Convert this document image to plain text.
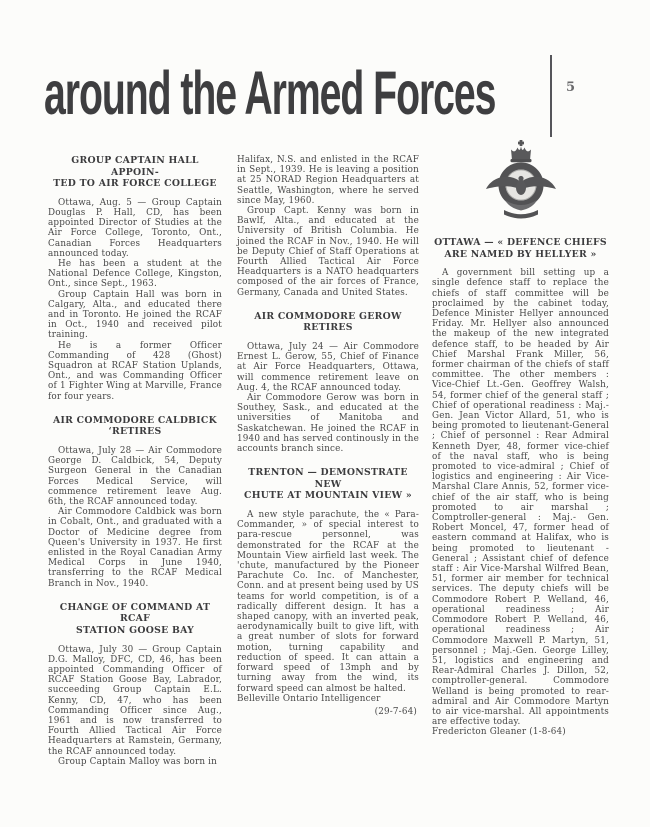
around the Armed Forces	5
GROUP CAPTAIN HALL APPOIN-
TED TO AIR FORCE COLLEGE

Ottawa, Aug. 5 — Group Captain Douglas P. Hall, CD, has been appointed Director of Studies at the Air Force College, Toronto, Ont., Canadian Forces Headquarters announced today.

He has been a student at the National Defence College, Kingston, Ont., since Sept., 1963.

Group Captain Hall was born in Calgary, Alta., and educated there and in Toronto. He joined the RCAF in Oct., 1940 and received pilot training.

He is a former Officer Commanding of 428 (Ghost) Squadron at RCAF Station Uplands, Ont., and was Commanding Officer of 1 Fighter Wing at Marville, France for four years.

AIR COMMODORE CALDBICK
‘RETIRES

Ottawa, July 28 — Air Commodore George D. Caldbick, 54, Deputy Surgeon General in the Canadian Forces Medical Service, will commence retirement leave Aug. 6th, the RCAF announced today.

Air Commodore Caldbick was born in Cobalt, Ont., and graduated with a Doctor of Medicine degree from Queen's University in 1937. He first enlisted in the Royal Canadian Army Medical Corps in June 1940, transferring to the RCAF Medical Branch in Nov., 1940.

CHANGE OF COMMAND AT RCAF
STATION GOOSE BAY

Ottawa, July 30 — Group Captain D.G. Malloy, DFC, CD, 46, has been appointed Commanding Officer of RCAF Station Goose Bay, Labrador, succeeding Group Captain E.L. Kenny, CD, 47, who has been Commanding Officer since Aug., 1961 and is now transferred to Fourth Allied Tactical Air Force Headquarters at Ramstein, Germany, the RCAF announced today.

Group Captain Malloy was born in

Halifax, N.S. and enlisted in the RCAF in Sept., 1939. He is leaving a position at 25 NORAD Region Headquarters at Seattle, Washington, where he served since May, 1960.

Group Capt. Kenny was born in Bawlf, Alta., and educated at the University of British Columbia. He joined the RCAF in Nov., 1940. He will be Deputy Chief of Staff Operations at Fourth Allied Tactical Air Force Headquarters is a NATO headquarters composed of the air forces of France, Germany, Canada and United States.

AIR COMMODORE GEROW
RETIRES

Ottawa, July 24 — Air Commodore Ernest L. Gerow, 55, Chief of Finance at Air Force Headquarters, Ottawa, will commence retirement leave on Aug. 4, the RCAF announced today.

Air Commodore Gerow was born in Southey, Sask., and educated at the universities of Manitoba and Saskatchewan. He joined the RCAF in 1940 and has served continously in the accounts branch since.

TRENTON — DEMONSTRATE NEW
CHUTE AT MOUNTAIN VIEW »

A new style parachute, the « Para-Commander, » of special interest to para-rescue personnel, was demonstrated for the RCAF at the Mountain View airfield last week. The 'chute, manufactured by the Pioneer Parachute Co. Inc. of Manchester, Conn. and at present being used by US teams for world competition, is of a radically different design. It has a shaped canopy, with an inverted peak, aerodynamically built to give lift, with a great number of slots for forward motion, turning capability and reduction of speed. It can attain a forward speed of 13mph and by turning away from the wind, its forward speed can almost be halted.

Belleville Ontario Intelligencer

(29-7-64)

OTTAWA — « DEFENCE CHIEFS
ARE NAMED BY HELLYER »

A government bill setting up a single defence staff to replace the chiefs of staff committee will be proclaimed by the cabinet today, Defence Minister Hellyer announced Friday. Mr. Hellyer also announced the makeup of the new integrated defence staff, to be headed by Air Chief Marshal Frank Miller, 56, former chairman of the chiefs of staff committee. The other members : Vice-Chief Lt.-Gen. Geoffrey Walsh, 54, former chief of the general staff ; Chief of operational readiness : Maj.-Gen. Jean Victor Allard, 51, who is being promoted to lieutenant-General ; Chief of personnel : Rear Admiral Kenneth Dyer, 48, former vice-chief of the naval staff, who is being promoted to vice-admiral ; Chief of logistics and engineering : Air Vice-Marshal Clare Annis, 52, former vice-chief of the air staff, who is being promoted to air marshal ; Comptroller-general : Maj.- Gen. Robert Moncel, 47, former head of eastern command at Halifax, who is being promoted to lieutenant - General ; Assistant chief of defence staff : Air Vice-Marshal Wilfred Bean, 51, former air member for technical services. The deputy chiefs will be Commodore Robert P. Welland, 46, operational readiness ; Air Commodore Robert P. Welland, 46, operational readiness ; Air Commodore Maxwell P. Martyn, 51, personnel ; Maj.-Gen. George Lilley, 51, logistics and engineering and Rear-Admiral Charles J. Dillon, 52, comptroller-general. Commodore Welland is being promoted to rear-admiral and Air Commodore Martyn to air vice-marshal. All appointments are effective today.

Fredericton Gleaner (1-8-64)
